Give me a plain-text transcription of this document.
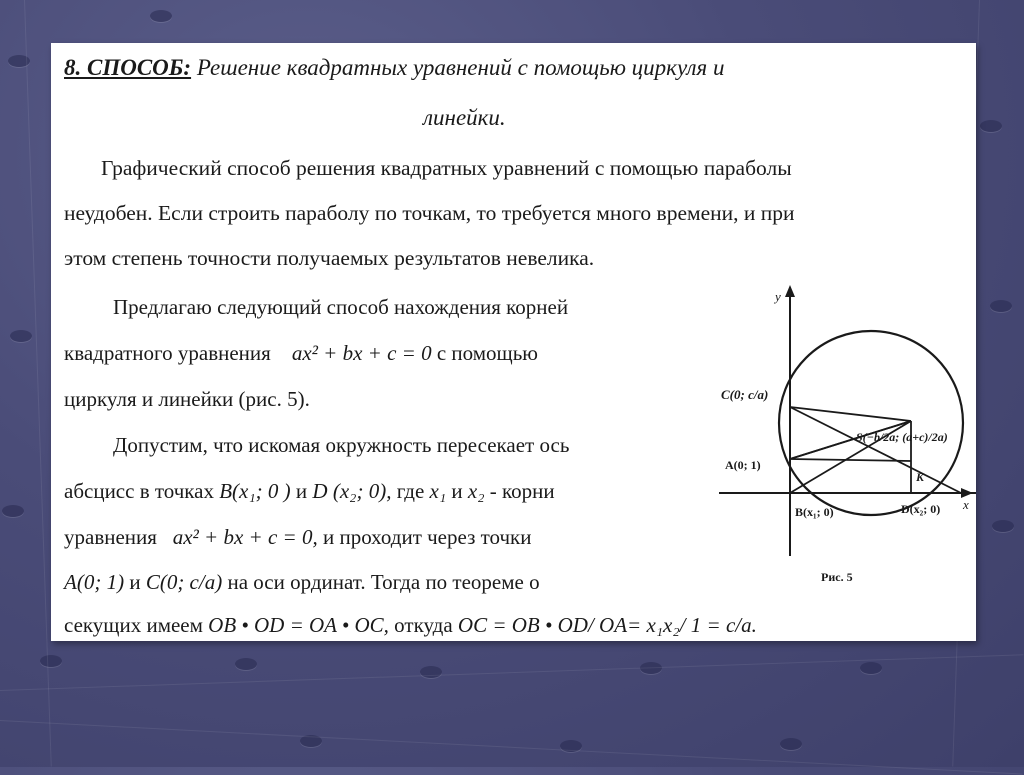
8. СПОСОБ: Решение квадратных уравнений с помощью циркуля и
линейки.
Графический способ решения квадратных уравнений с помощью параболы
неудобен. Если строить параболу по точкам, то требуется много времени, и при
этом степень точности получаемых результатов невелика.
Предлагаю следующий способ нахождения корней
квадратного уравнения ax² + bx + c = 0 с помощью
циркуля и линейки (рис. 5).
Допустим, что искомая окружность пересекает ось
абсцисс в точках B(x₁; 0 ) и D (x₂; 0), где x₁ и x₂ - корни
уравнения ax² + bx + c = 0, и проходит через точки
A(0; 1) и C(0; c/a) на оси ординат. Тогда по теореме о
секущих имеем OB • OD = OA • OC, откуда OC = OB • OD/ OA= x₁x₂/ 1 = c/a.
y
x
C(0; c/a)
S(−b/2a; (a+c)/2a)
A(0; 1)
K
B(x₁; 0)	D(x₂; 0)
Рис. 5
